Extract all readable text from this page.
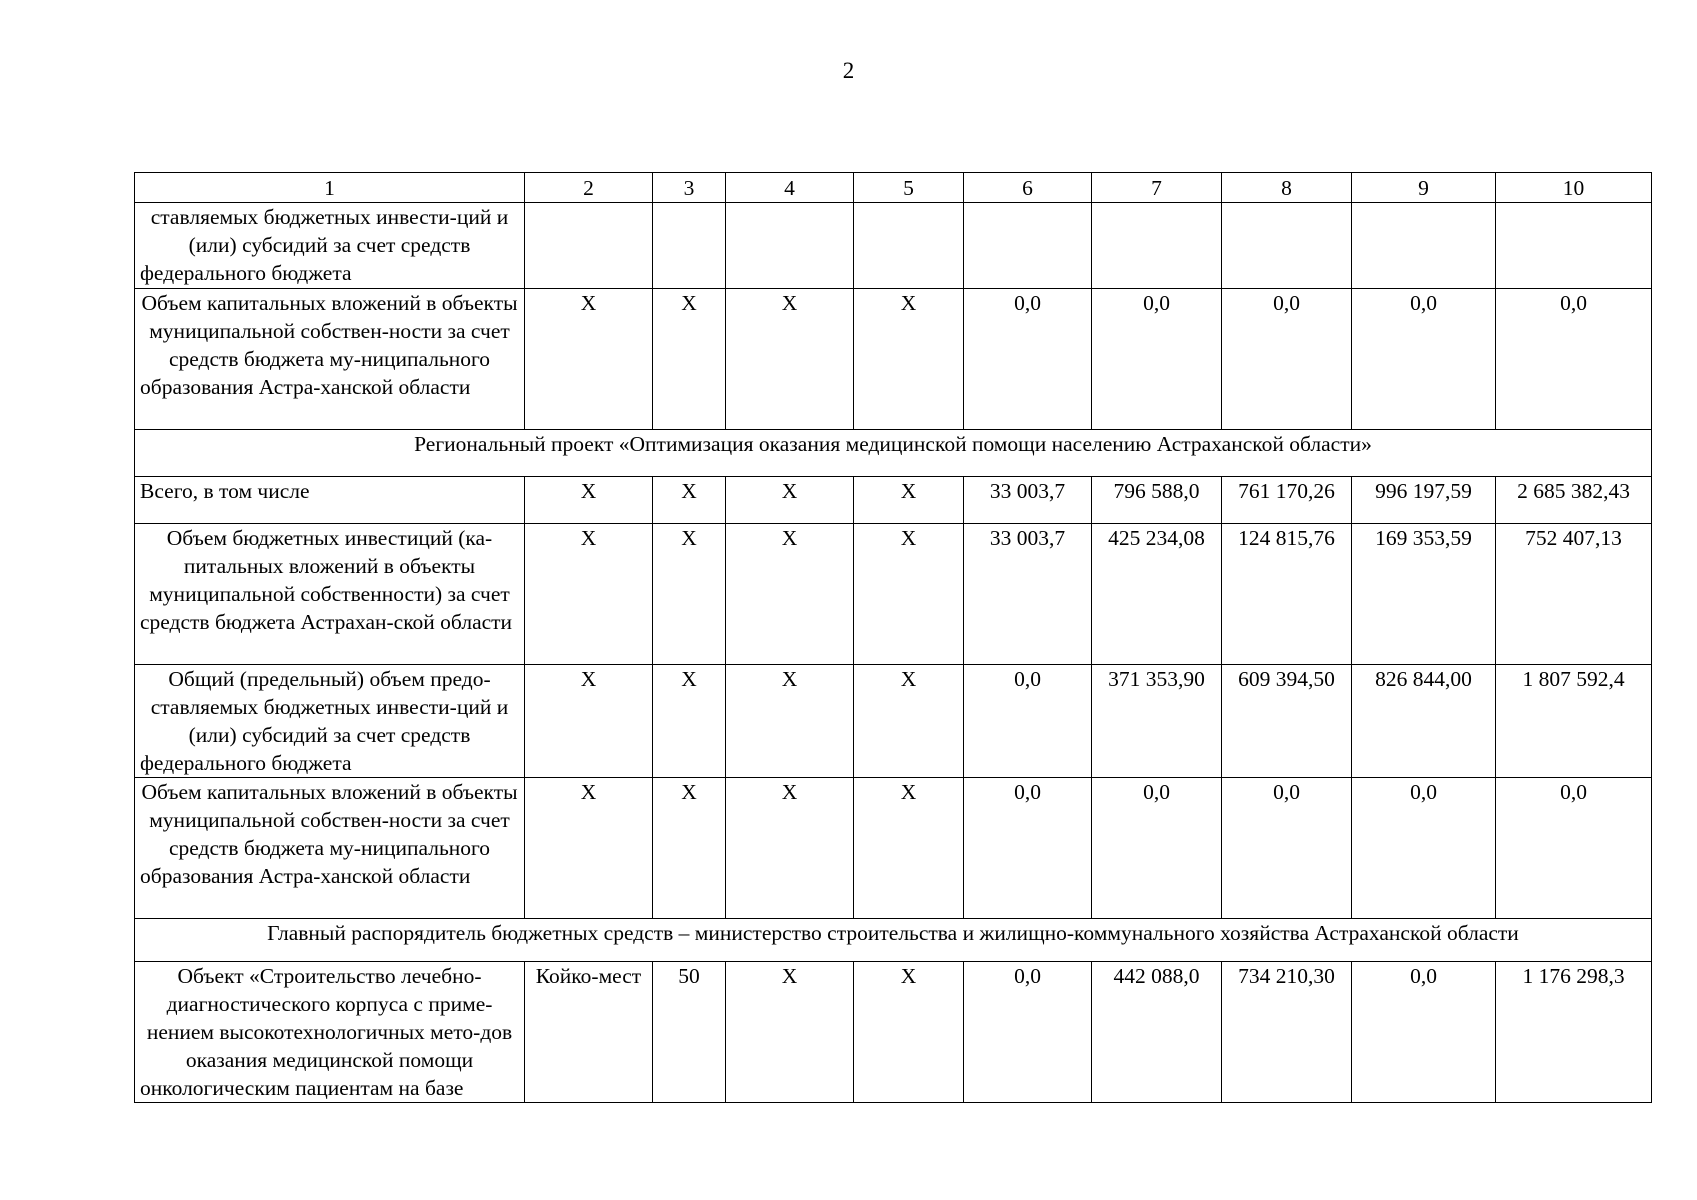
2
1	2	3	4	5	6	7	8	9	10
ставляемых бюджетных инвести-ций и (или) субсидий за счет средств федерального бюджета									
Объем капитальных вложений в объекты муниципальной собствен-ности за счет средств бюджета му-ниципального образования Астра-ханской области	X	X	X	X	0,0	0,0	0,0	0,0	0,0
Региональный проект «Оптимизация оказания медицинской помощи населению Астраханской области»									
Всего, в том числе	X	X	X	X	33 003,7	796 588,0	761 170,26	996 197,59	2 685 382,43
Объем бюджетных инвестиций (ка-питальных вложений в объекты муниципальной собственности) за счет средств бюджета Астрахан-ской области	X	X	X	X	33 003,7	425 234,08	124 815,76	169 353,59	752 407,13
Общий (предельный) объем предо-ставляемых бюджетных инвести-ций и (или) субсидий за счет средств федерального бюджета	X	X	X	X	0,0	371 353,90	609 394,50	826 844,00	1 807 592,4
Объем капитальных вложений в объекты муниципальной собствен-ности за счет средств бюджета му-ниципального образования Астра-ханской области	X	X	X	X	0,0	0,0	0,0	0,0	0,0
Главный распорядитель бюджетных средств – министерство строительства и жилищно-коммунального хозяйства Астраханской области									
Объект «Строительство лечебно-диагностического корпуса с приме-нением высокотехнологичных мето-дов оказания медицинской помощи онкологическим пациентам на базе	Койко-мест	50	X	X	0,0	442 088,0	734 210,30	0,0	1 176 298,3
